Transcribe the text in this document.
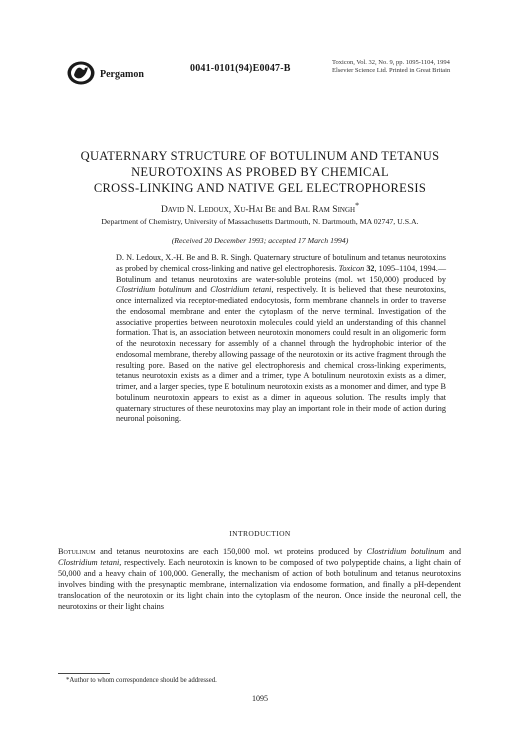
Pergamon
0041-0101(94)E0047-B
Toxicon, Vol. 32, No. 9, pp. 1095-1104, 1994
Elsevier Science Ltd. Printed in Great Britain
QUATERNARY STRUCTURE OF BOTULINUM AND TETANUS
NEUROTOXINS AS PROBED BY CHEMICAL
CROSS-LINKING AND NATIVE GEL ELECTROPHORESIS
David N. Ledoux, Xu-Hai Be and Bal Ram Singh*
Department of Chemistry, University of Massachusetts Dartmouth, N. Dartmouth, MA 02747, U.S.A.
(Received 20 December 1993; accepted 17 March 1994)
D. N. Ledoux, X.-H. Be and B. R. Singh. Quaternary structure of botulinum and tetanus neurotoxins as probed by chemical cross-linking and native gel electrophoresis. Toxicon 32, 1095–1104, 1994.—Botulinum and tetanus neurotoxins are water-soluble proteins (mol. wt 150,000) produced by Clostridium botulinum and Clostridium tetani, respectively. It is believed that these neurotoxins, once internalized via receptor-mediated endocytosis, form membrane channels in order to traverse the endosomal membrane and enter the cytoplasm of the nerve terminal. Investigation of the associative properties between neurotoxin molecules could yield an understanding of this channel formation. That is, an association between neurotoxin monomers could result in an oligomeric form of the neurotoxin necessary for assembly of a channel through the hydrophobic interior of the endosomal membrane, thereby allowing passage of the neurotoxin or its active fragment through the resulting pore. Based on the native gel electrophoresis and chemical cross-linking experiments, tetanus neurotoxin exists as a dimer and a trimer, type A botulinum neurotoxin exists as a dimer, trimer, and a larger species, type E botulinum neurotoxin exists as a monomer and dimer, and type B botulinum neurotoxin appears to exist as a dimer in aqueous solution. The results imply that quaternary structures of these neurotoxins may play an important role in their mode of action during neuronal poisoning.
INTRODUCTION
Botulinum and tetanus neurotoxins are each 150,000 mol. wt proteins produced by Clostridium botulinum and Clostridium tetani, respectively. Each neurotoxin is known to be composed of two polypeptide chains, a light chain of 50,000 and a heavy chain of 100,000. Generally, the mechanism of action of both botulinum and tetanus neurotoxins involves binding with the presynaptic membrane, internalization via endosome formation, and finally a pH-dependent translocation of the neurotoxin or its light chain into the cytoplasm of the neuron. Once inside the neuronal cell, the neurotoxins or their light chains
*Author to whom correspondence should be addressed.
1095
